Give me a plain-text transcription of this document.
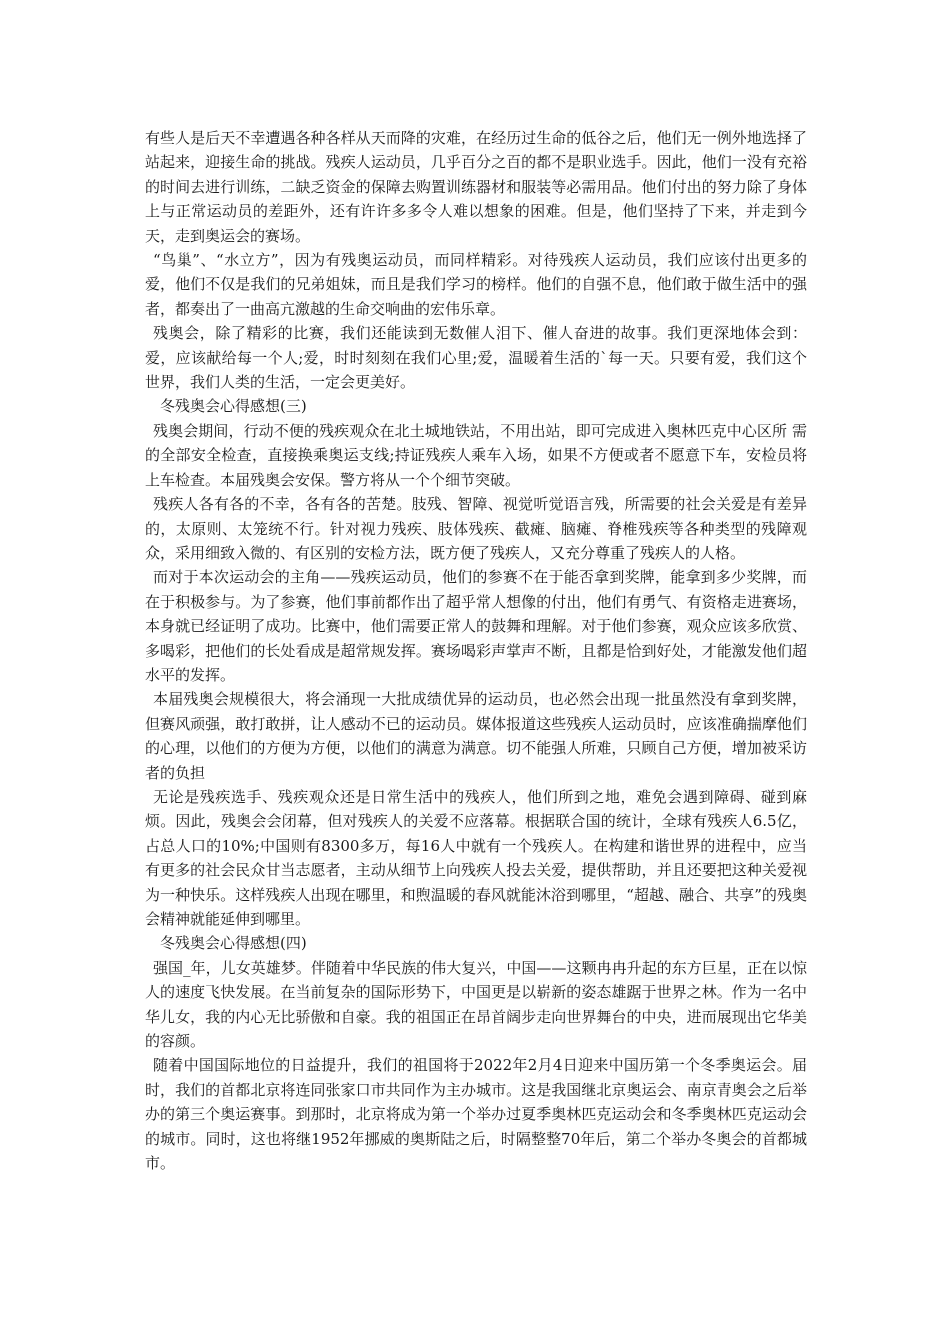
有些人是后天不幸遭遇各种各样从天而降的灾难，在经历过生命的低谷之后，他们无一例外地选择了站起来，迎接生命的挑战。残疾人运动员，几乎百分之百的都不是职业选手。因此，他们一没有充裕的时间去进行训练，二缺乏资金的保障去购置训练器材和服装等必需用品。他们付出的努力除了身体上与正常运动员的差距外，还有许许多多令人难以想象的困难。但是，他们坚持了下来，并走到今天，走到奥运会的赛场。

“鸟巢”、“水立方”，因为有残奥运动员，而同样精彩。对待残疾人运动员，我们应该付出更多的爱，他们不仅是我们的兄弟姐妹，而且是我们学习的榜样。他们的自强不息，他们敢于做生活中的强者，都奏出了一曲高亢激越的生命交响曲的宏伟乐章。

残奥会，除了精彩的比赛，我们还能读到无数催人泪下、催人奋进的故事。我们更深地体会到：爱，应该献给每一个人;爱，时时刻刻在我们心里;爱，温暖着生活的`每一天。只要有爱，我们这个世界，我们人类的生活，一定会更美好。

冬残奥会心得感想(三)

残奥会期间，行动不便的残疾观众在北土城地铁站，不用出站，即可完成进入奥林匹克中心区所 需的全部安全检查，直接换乘奥运支线;持证残疾人乘车入场，如果不方便或者不愿意下车，安检员将上车检查。本届残奥会安保。警方将从一个个细节突破。

残疾人各有各的不幸，各有各的苦楚。肢残、智障、视觉听觉语言残，所需要的社会关爱是有差异的，太原则、太笼统不行。针对视力残疾、肢体残疾、截瘫、脑瘫、脊椎残疾等各种类型的残障观众，采用细致入微的、有区别的安检方法，既方便了残疾人，又充分尊重了残疾人的人格。

而对于本次运动会的主角——残疾运动员，他们的参赛不在于能否拿到奖牌，能拿到多少奖牌，而在于积极参与。为了参赛，他们事前都作出了超乎常人想像的付出，他们有勇气、有资格走进赛场，本身就已经证明了成功。比赛中，他们需要正常人的鼓舞和理解。对于他们参赛，观众应该多欣赏、多喝彩，把他们的长处看成是超常规发挥。赛场喝彩声掌声不断，且都是恰到好处，才能激发他们超水平的发挥。

本届残奥会规模很大，将会涌现一大批成绩优异的运动员，也必然会出现一批虽然没有拿到奖牌，但赛风顽强，敢打敢拼，让人感动不已的运动员。媒体报道这些残疾人运动员时，应该准确揣摩他们的心理，以他们的方便为方便，以他们的满意为满意。切不能强人所难，只顾自己方便，增加被采访者的负担

无论是残疾选手、残疾观众还是日常生活中的残疾人，他们所到之地，难免会遇到障碍、碰到麻烦。因此，残奥会会闭幕，但对残疾人的关爱不应落幕。根据联合国的统计，全球有残疾人6.5亿，占总人口的10%;中国则有8300多万，每16人中就有一个残疾人。在构建和谐世界的进程中，应当有更多的社会民众甘当志愿者，主动从细节上向残疾人投去关爱，提供帮助，并且还要把这种关爱视为一种快乐。这样残疾人出现在哪里，和煦温暖的春风就能沐浴到哪里，“超越、融合、共享”的残奥会精神就能延伸到哪里。

冬残奥会心得感想(四)

强国_年，儿女英雄梦。伴随着中华民族的伟大复兴，中国——这颗冉冉升起的东方巨星，正在以惊人的速度飞快发展。在当前复杂的国际形势下，中国更是以崭新的姿态雄踞于世界之林。作为一名中华儿女，我的内心无比骄傲和自豪。我的祖国正在昂首阔步走向世界舞台的中央，进而展现出它华美的容颜。

随着中国国际地位的日益提升，我们的祖国将于2022年2月4日迎来中国历第一个冬季奥运会。届时，我们的首都北京将连同张家口市共同作为主办城市。这是我国继北京奥运会、南京青奥会之后举办的第三个奥运赛事。到那时，北京将成为第一个举办过夏季奥林匹克运动会和冬季奥林匹克运动会的城市。同时，这也将继1952年挪威的奥斯陆之后，时隔整整70年后，第二个举办冬奥会的首都城市。
